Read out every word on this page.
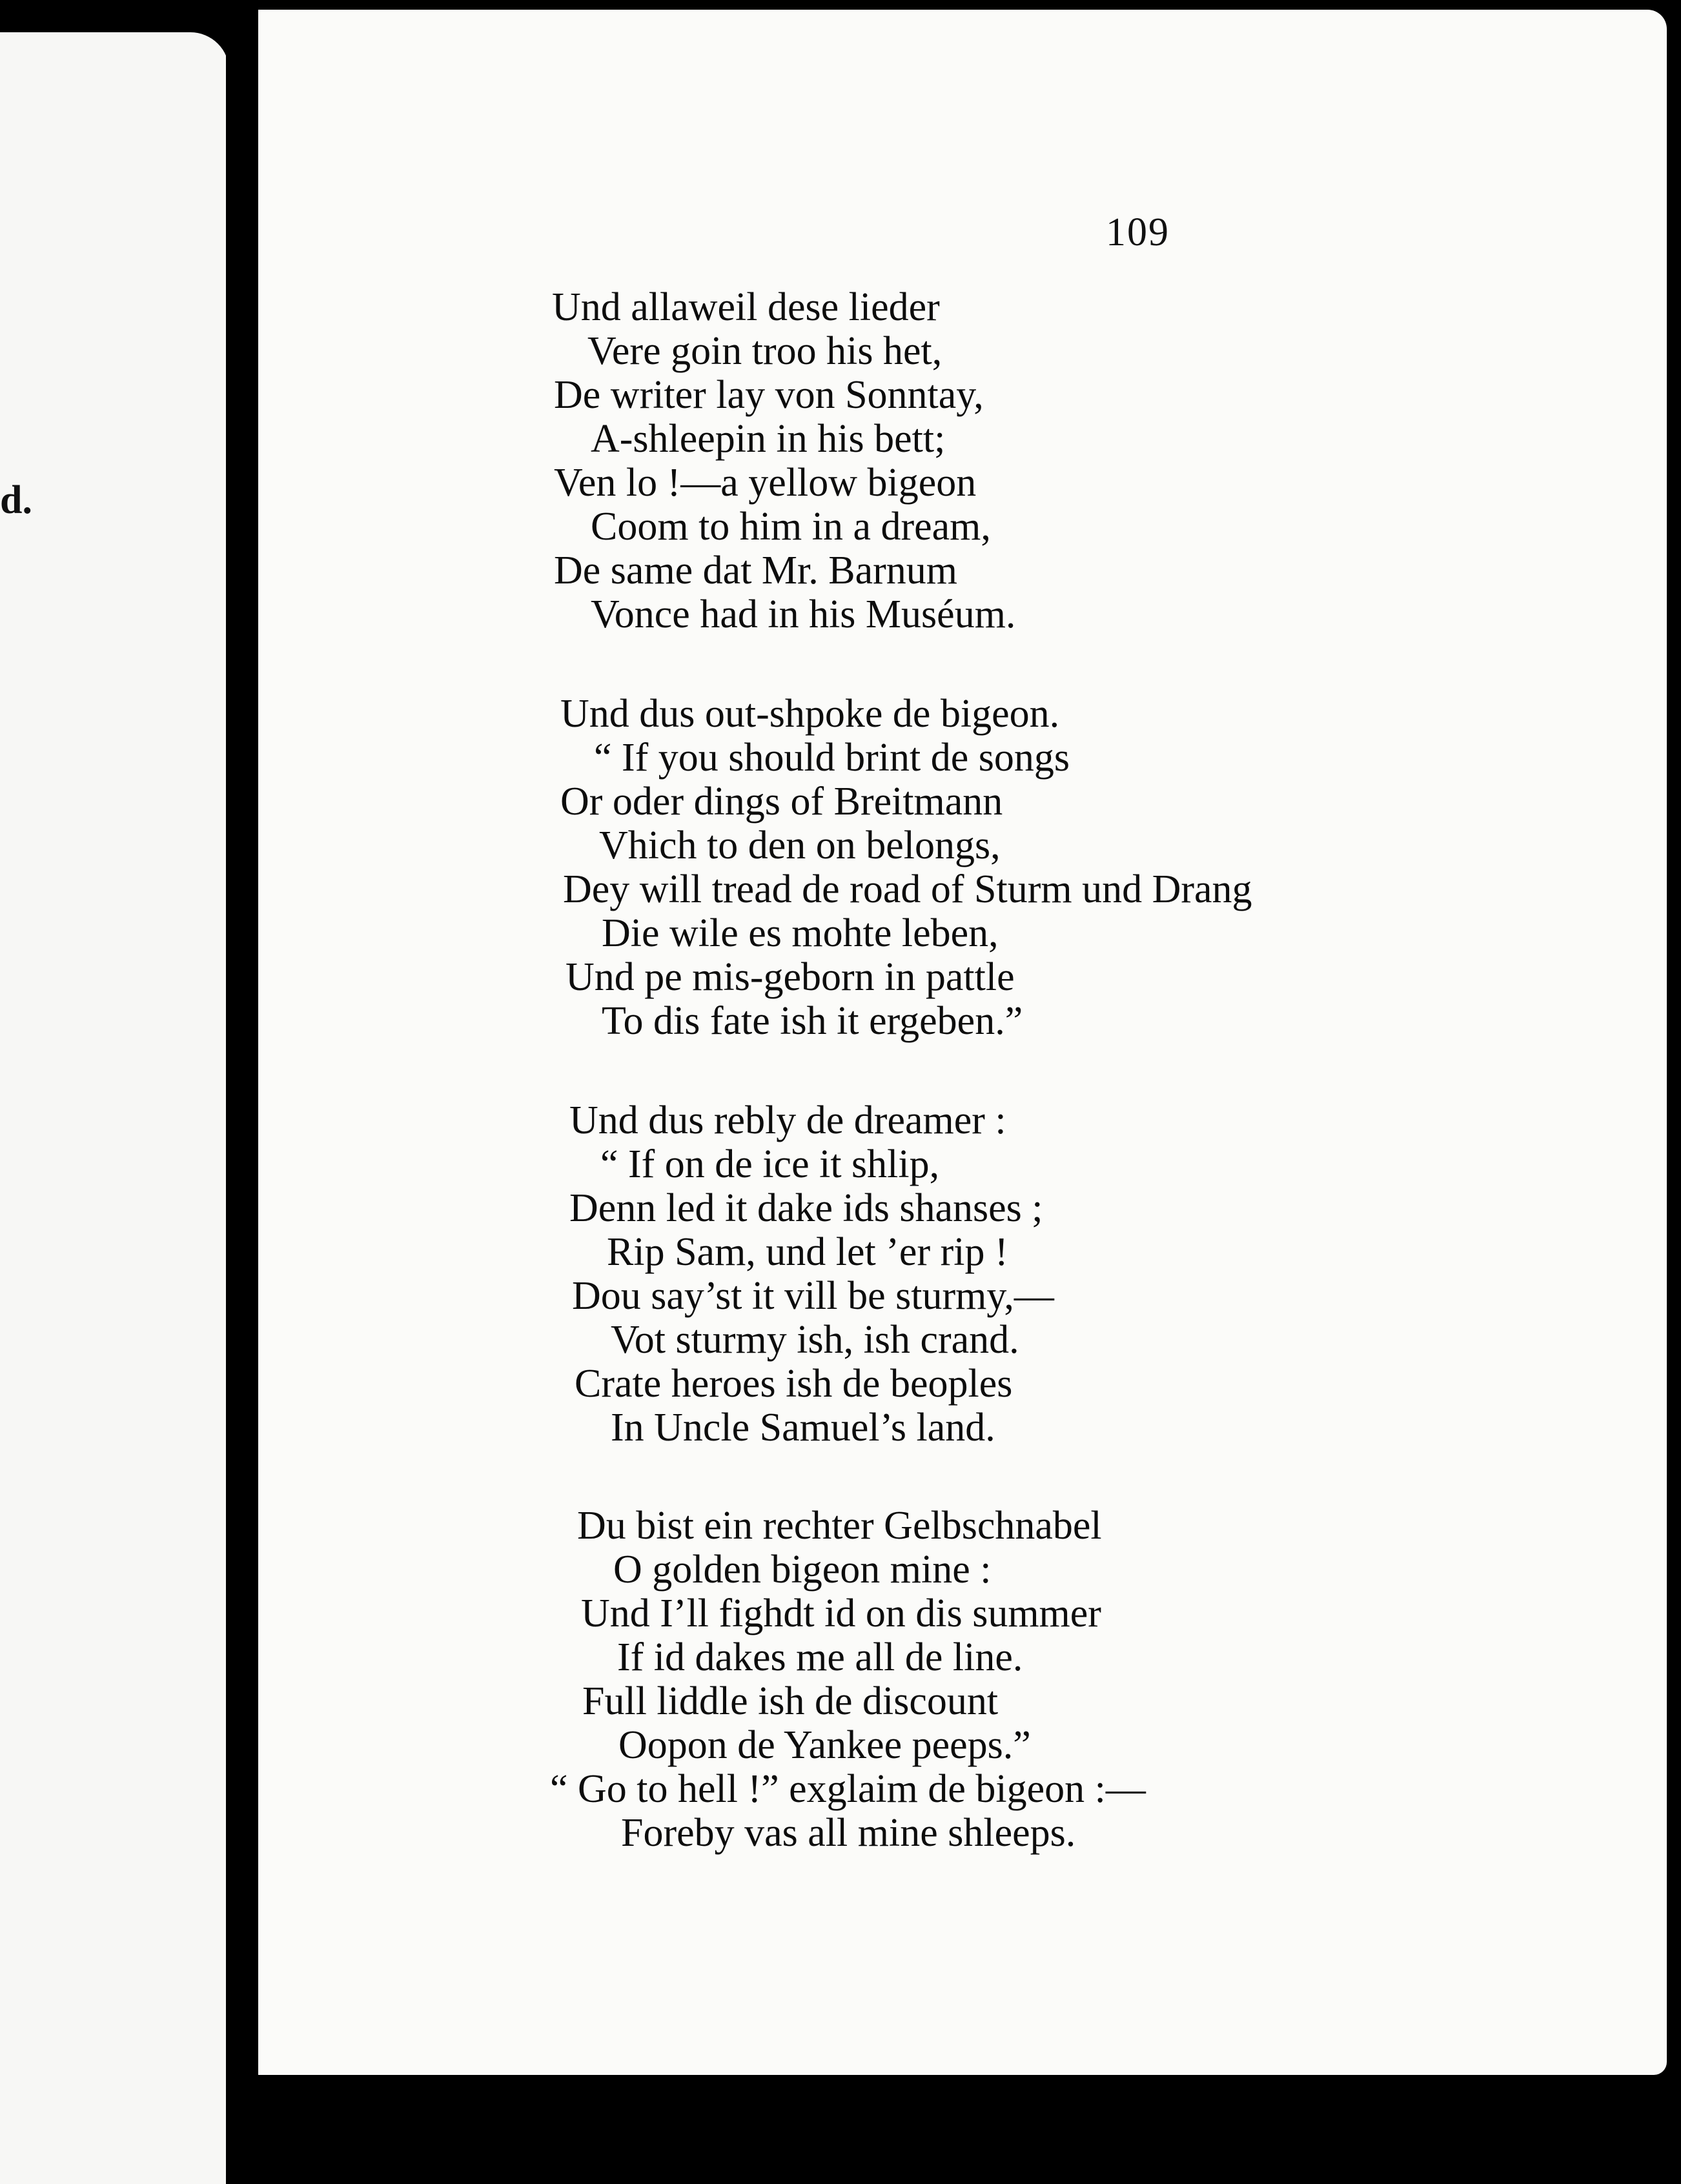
d.
109
Und allaweil dese lieder
Vere goin troo his het,
De writer lay von Sonntay,
A-shleepin in his bett;
Ven lo !—a yellow bigeon
Coom to him in a dream,
De same dat Mr. Barnum
Vonce had in his Muséum.
Und dus out-shpoke de bigeon.
“ If you should brint de songs
Or oder dings of Breitmann
Vhich to den on belongs,
Dey will tread de road of Sturm und Drang
Die wile es mohte leben,
Und pe mis-geborn in pattle
To dis fate ish it ergeben.”
Und dus rebly de dreamer :
“ If on de ice it shlip,
Denn led it dake ids shanses ;
Rip Sam, und let ’er rip !
Dou say’st it vill be sturmy,—
Vot sturmy ish, ish crand.
Crate heroes ish de beoples
In Uncle Samuel’s land.
Du bist ein rechter Gelbschnabel
O golden bigeon mine :
Und I’ll fighdt id on dis summer
If id dakes me all de line.
Full liddle ish de discount
Oopon de Yankee peeps.”
“ Go to hell !” exglaim de bigeon :—
Foreby vas all mine shleeps.
